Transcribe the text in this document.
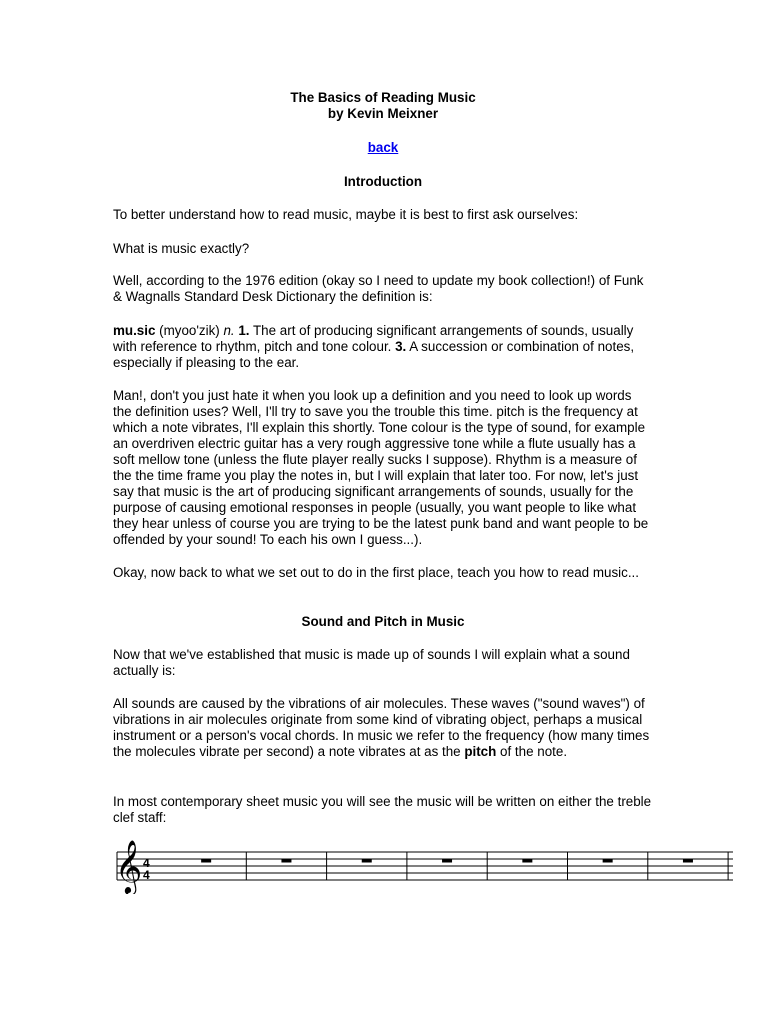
The Basics of Reading Music
by Kevin Meixner
back
Introduction
To better understand how to read music, maybe it is best to first ask ourselves:
What is music exactly?
Well, according to the 1976 edition (okay so I need to update my book collection!) of Funk & Wagnalls Standard Desk Dictionary the definition is:
mu.sic (myoo'zik) n. 1. The art of producing significant arrangements of sounds, usually with reference to rhythm, pitch and tone colour. 3. A succession or combination of notes, especially if pleasing to the ear.
Man!, don't you just hate it when you look up a definition and you need to look up words the definition uses? Well, I'll try to save you the trouble this time. pitch is the frequency at which a note vibrates, I'll explain this shortly. Tone colour is the type of sound, for example an overdriven electric guitar has a very rough aggressive tone while a flute usually has a soft mellow tone (unless the flute player really sucks I suppose). Rhythm is a measure of the the time frame you play the notes in, but I will explain that later too. For now, let's just say that music is the art of producing significant arrangements of sounds, usually for the purpose of causing emotional responses in people (usually, you want people to like what they hear unless of course you are trying to be the latest punk band and want people to be offended by your sound! To each his own I guess...).
Okay, now back to what we set out to do in the first place, teach you how to read music...
Sound and Pitch in Music
Now that we've established that music is made up of sounds I will explain what a sound actually is:
All sounds are caused by the vibrations of air molecules. These waves ("sound waves") of vibrations in air molecules originate from some kind of vibrating object, perhaps a musical instrument or a person's vocal chords. In music we refer to the frequency (how many times the molecules vibrate per second) a note vibrates at as the pitch of the note.
In most contemporary sheet music you will see the music will be written on either the treble clef staff:
𝄞 4
4
